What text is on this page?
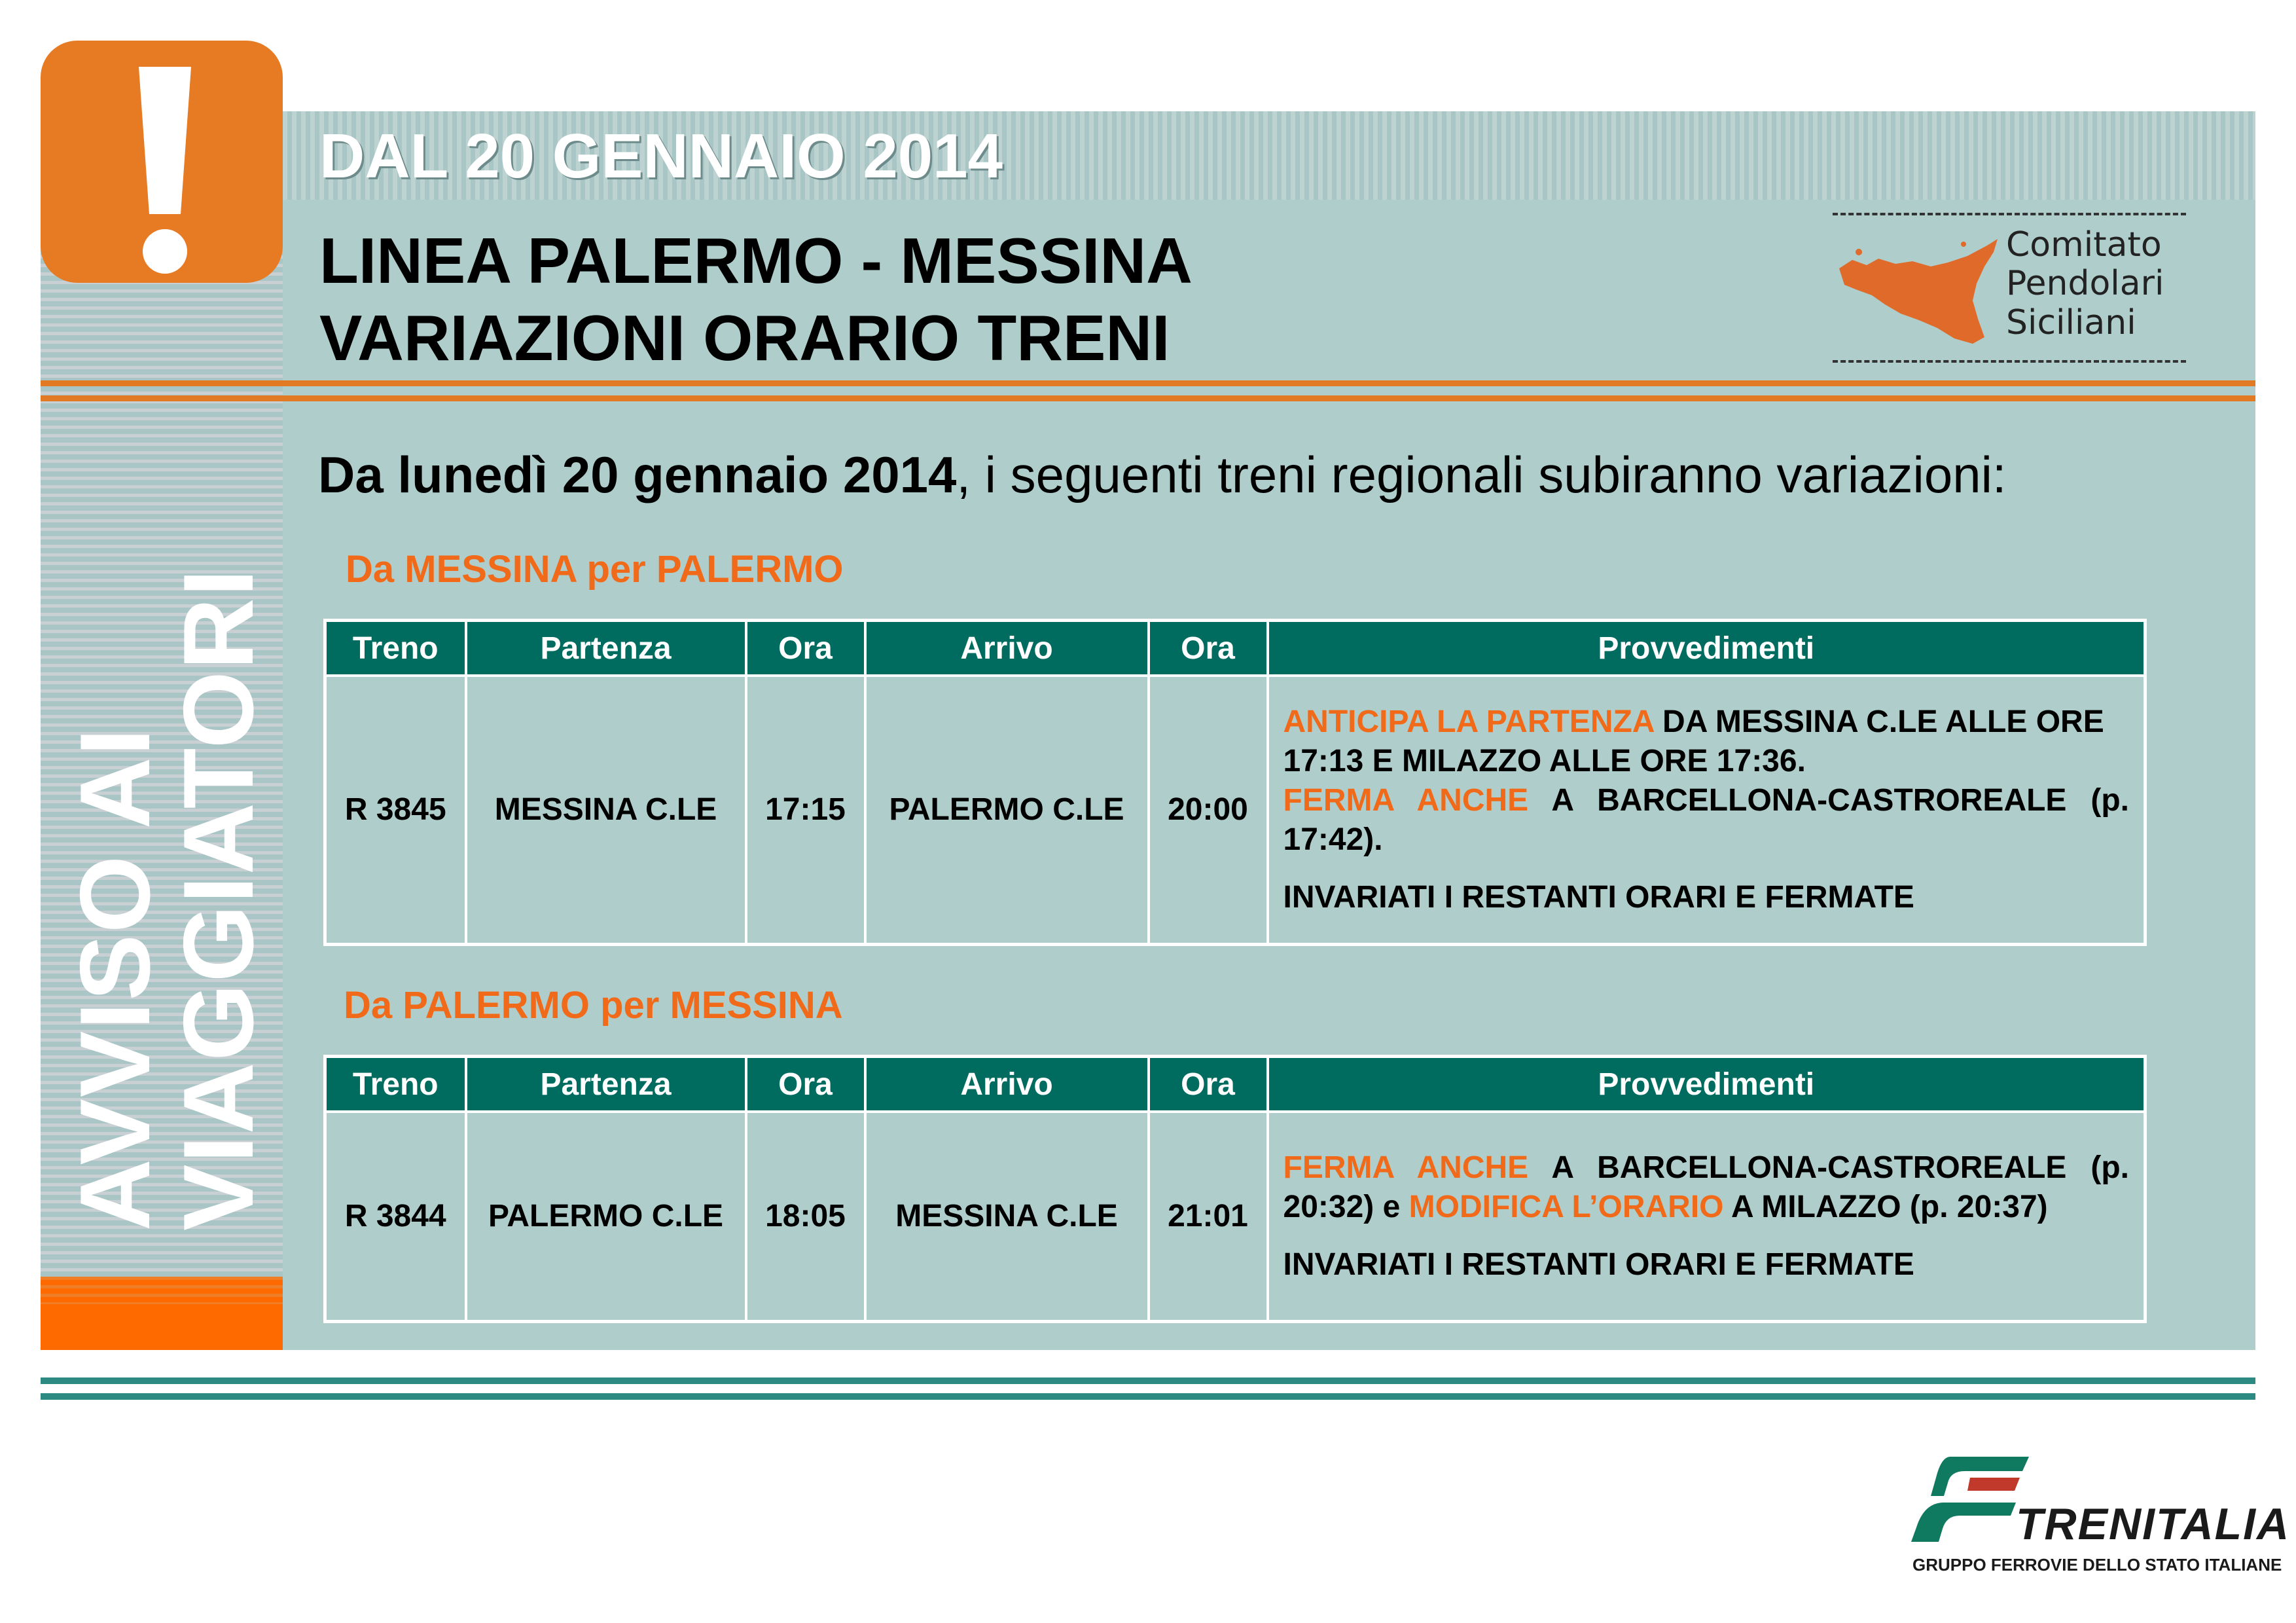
AVVISO AI
VIAGGIATORI
DAL 20 GENNAIO 2014
LINEA PALERMO - MESSINA
VARIAZIONI ORARIO TRENI
Comitato
Pendolari
Siciliani
Da lunedì 20 gennaio 2014, i seguenti treni regionali subiranno variazioni:
Da MESSINA per PALERMO
Treno	Partenza	Ora	Arrivo	Ora	Provvedimenti
R 3845	MESSINA C.LE	17:15	PALERMO C.LE	20:00	ANTICIPA LA PARTENZA DA MESSINA C.LE ALLE ORE 17:13 E MILAZZO ALLE ORE 17:36.
FERMA ANCHE A BARCELLONA-CASTROREALE (p. 17:42).
INVARIATI I RESTANTI ORARI E FERMATE
Da PALERMO per MESSINA
Treno	Partenza	Ora	Arrivo	Ora	Provvedimenti
R 3844	PALERMO C.LE	18:05	MESSINA C.LE	21:01	FERMA ANCHE A BARCELLONA-CASTROREALE (p. 20:32) e MODIFICA L’ORARIO A MILAZZO (p. 20:37)
INVARIATI I RESTANTI ORARI E FERMATE
TRENITALIA
GRUPPO FERROVIE DELLO STATO ITALIANE
